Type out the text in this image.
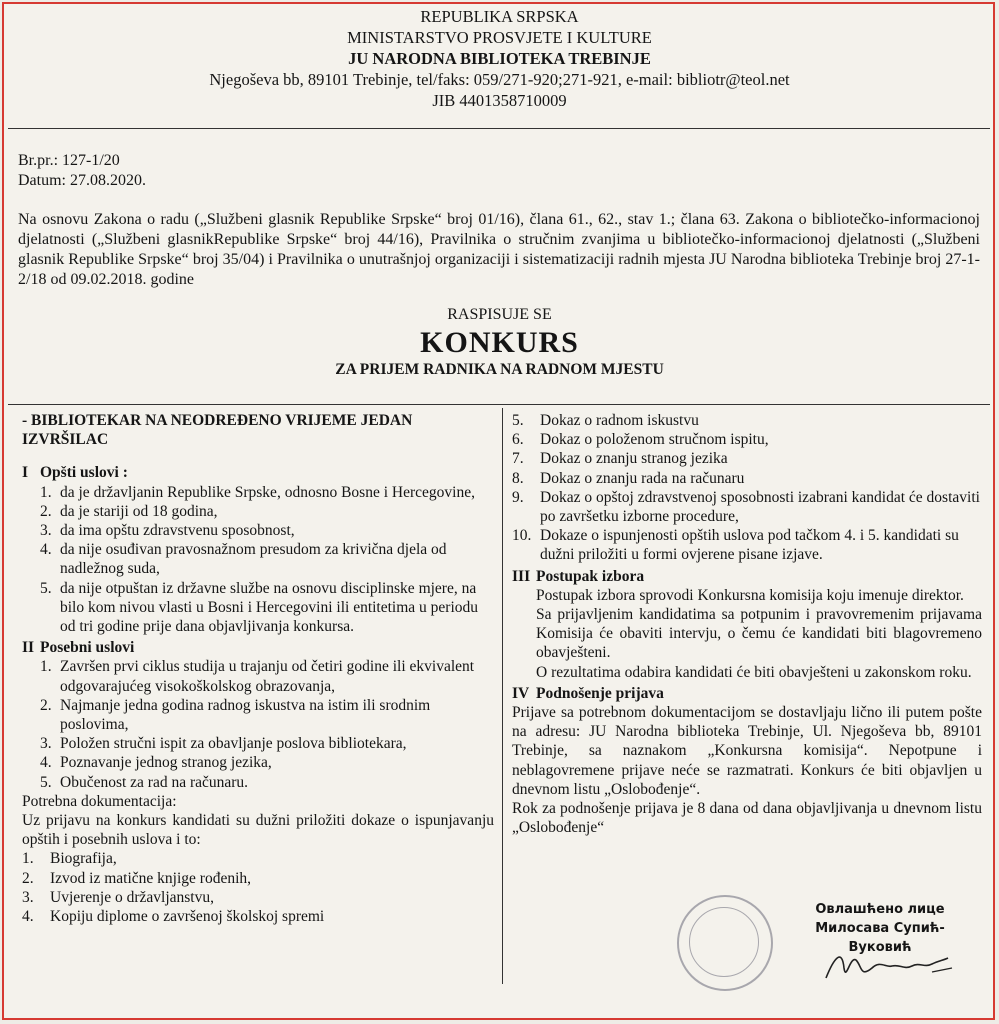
REPUBLIKA SRPSKA
MINISTARSTVO PROSVJETE I KULTURE
JU NARODNA BIBLIOTEKA TREBINJE
Njegoševa bb, 89101 Trebinje, tel/faks: 059/271-920;271-921, e-mail: bibliotr@teol.net
JIB 4401358710009
Br.pr.: 127-1/20
Datum: 27.08.2020.
Na osnovu Zakona o radu („Službeni glasnik Republike Srpske“ broj 01/16), člana 61., 62., stav 1.; člana 63. Zakona o bibliotečko-informacionoj djelatnosti („Službeni glasnikRepublike Srpske“ broj 44/16), Pravilnika o stručnim zvanjima u bibliotečko-informacionoj djelatnosti („Službeni glasnik Republike Srpske“ broj 35/04) i Pravilnika o unutrašnjoj organizaciji i sistematizaciji radnih mjesta JU Narodna biblioteka Trebinje broj 27-1-2/18 od 09.02.2018. godine
RASPISUJE SE
KONKURS
ZA PRIJEM RADNIKA NA RADNOM MJESTU
- BIBLIOTEKAR NA NEODREĐENO VRIJEME JEDAN IZVRŠILAC
I Opšti uslovi :
1. da je državljanin Republike Srpske, odnosno Bosne i Hercegovine,
2. da je stariji od 18 godina,
3. da ima opštu zdravstvenu sposobnost,
4. da nije osuđivan pravosnažnom presudom za krivična djela od nadležnog suda,
5. da nije otpuštan iz državne službe na osnovu disciplinske mjere, na bilo kom nivou vlasti u Bosni i Hercegovini ili entitetima u periodu od tri godine prije dana objavljivanja konkursa.
II Posebni uslovi
1. Završen prvi ciklus studija u trajanju od četiri godine ili ekvivalent odgovarajućeg visokoškolskog obrazovanja,
2. Najmanje jedna godina radnog iskustva na istim ili srodnim poslovima,
3. Položen stručni ispit za obavljanje poslova bibliotekara,
4. Poznavanje jednog stranog jezika,
5. Obučenost za rad na računaru.
Potrebna dokumentacija:
Uz prijavu na konkurs kandidati su dužni priložiti dokaze o ispunjavanju opštih i posebnih uslova i to:
1. Biografija,
2. Izvod iz matične knjige rođenih,
3. Uvjerenje o državljanstvu,
4. Kopiju diplome o završenoj školskoj spremi
5. Dokaz o radnom iskustvu
6. Dokaz o položenom stručnom ispitu,
7. Dokaz o znanju stranog jezika
8. Dokaz o znanju rada na računaru
9. Dokaz o opštoj zdravstvenoj sposobnosti izabrani kandidat će dostaviti po završetku izborne procedure,
10. Dokaze o ispunjenosti opštih uslova pod tačkom 4. i 5. kandidati su dužni priložiti u formi ovjerene pisane izjave.
III Postupak izbora
Postupak izbora sprovodi Konkursna komisija koju imenuje direktor.
Sa prijavljenim kandidatima sa potpunim i pravovremenim prijavama Komisija će obaviti intervju, o čemu će kandidati biti blagovremeno obavješteni.
O rezultatima odabira kandidati će biti obavješteni u zakonskom roku.
IV Podnošenje prijava
Prijave sa potrebnom dokumentacijom se dostavljaju lično ili putem pošte na adresu: JU Narodna biblioteka Trebinje, Ul. Njegoševa bb, 89101 Trebinje, sa naznakom „Konkursna komisija“. Nepotpune i neblagovremene prijave neće se razmatrati. Konkurs će biti objavljen u dnevnom listu „Oslobođenje“.
Rok za podnošenje prijava je 8 dana od dana objavljivanja u dnevnom listu „Oslobođenje“
Овлашћено лице
Милосава Супић-Вуковић
